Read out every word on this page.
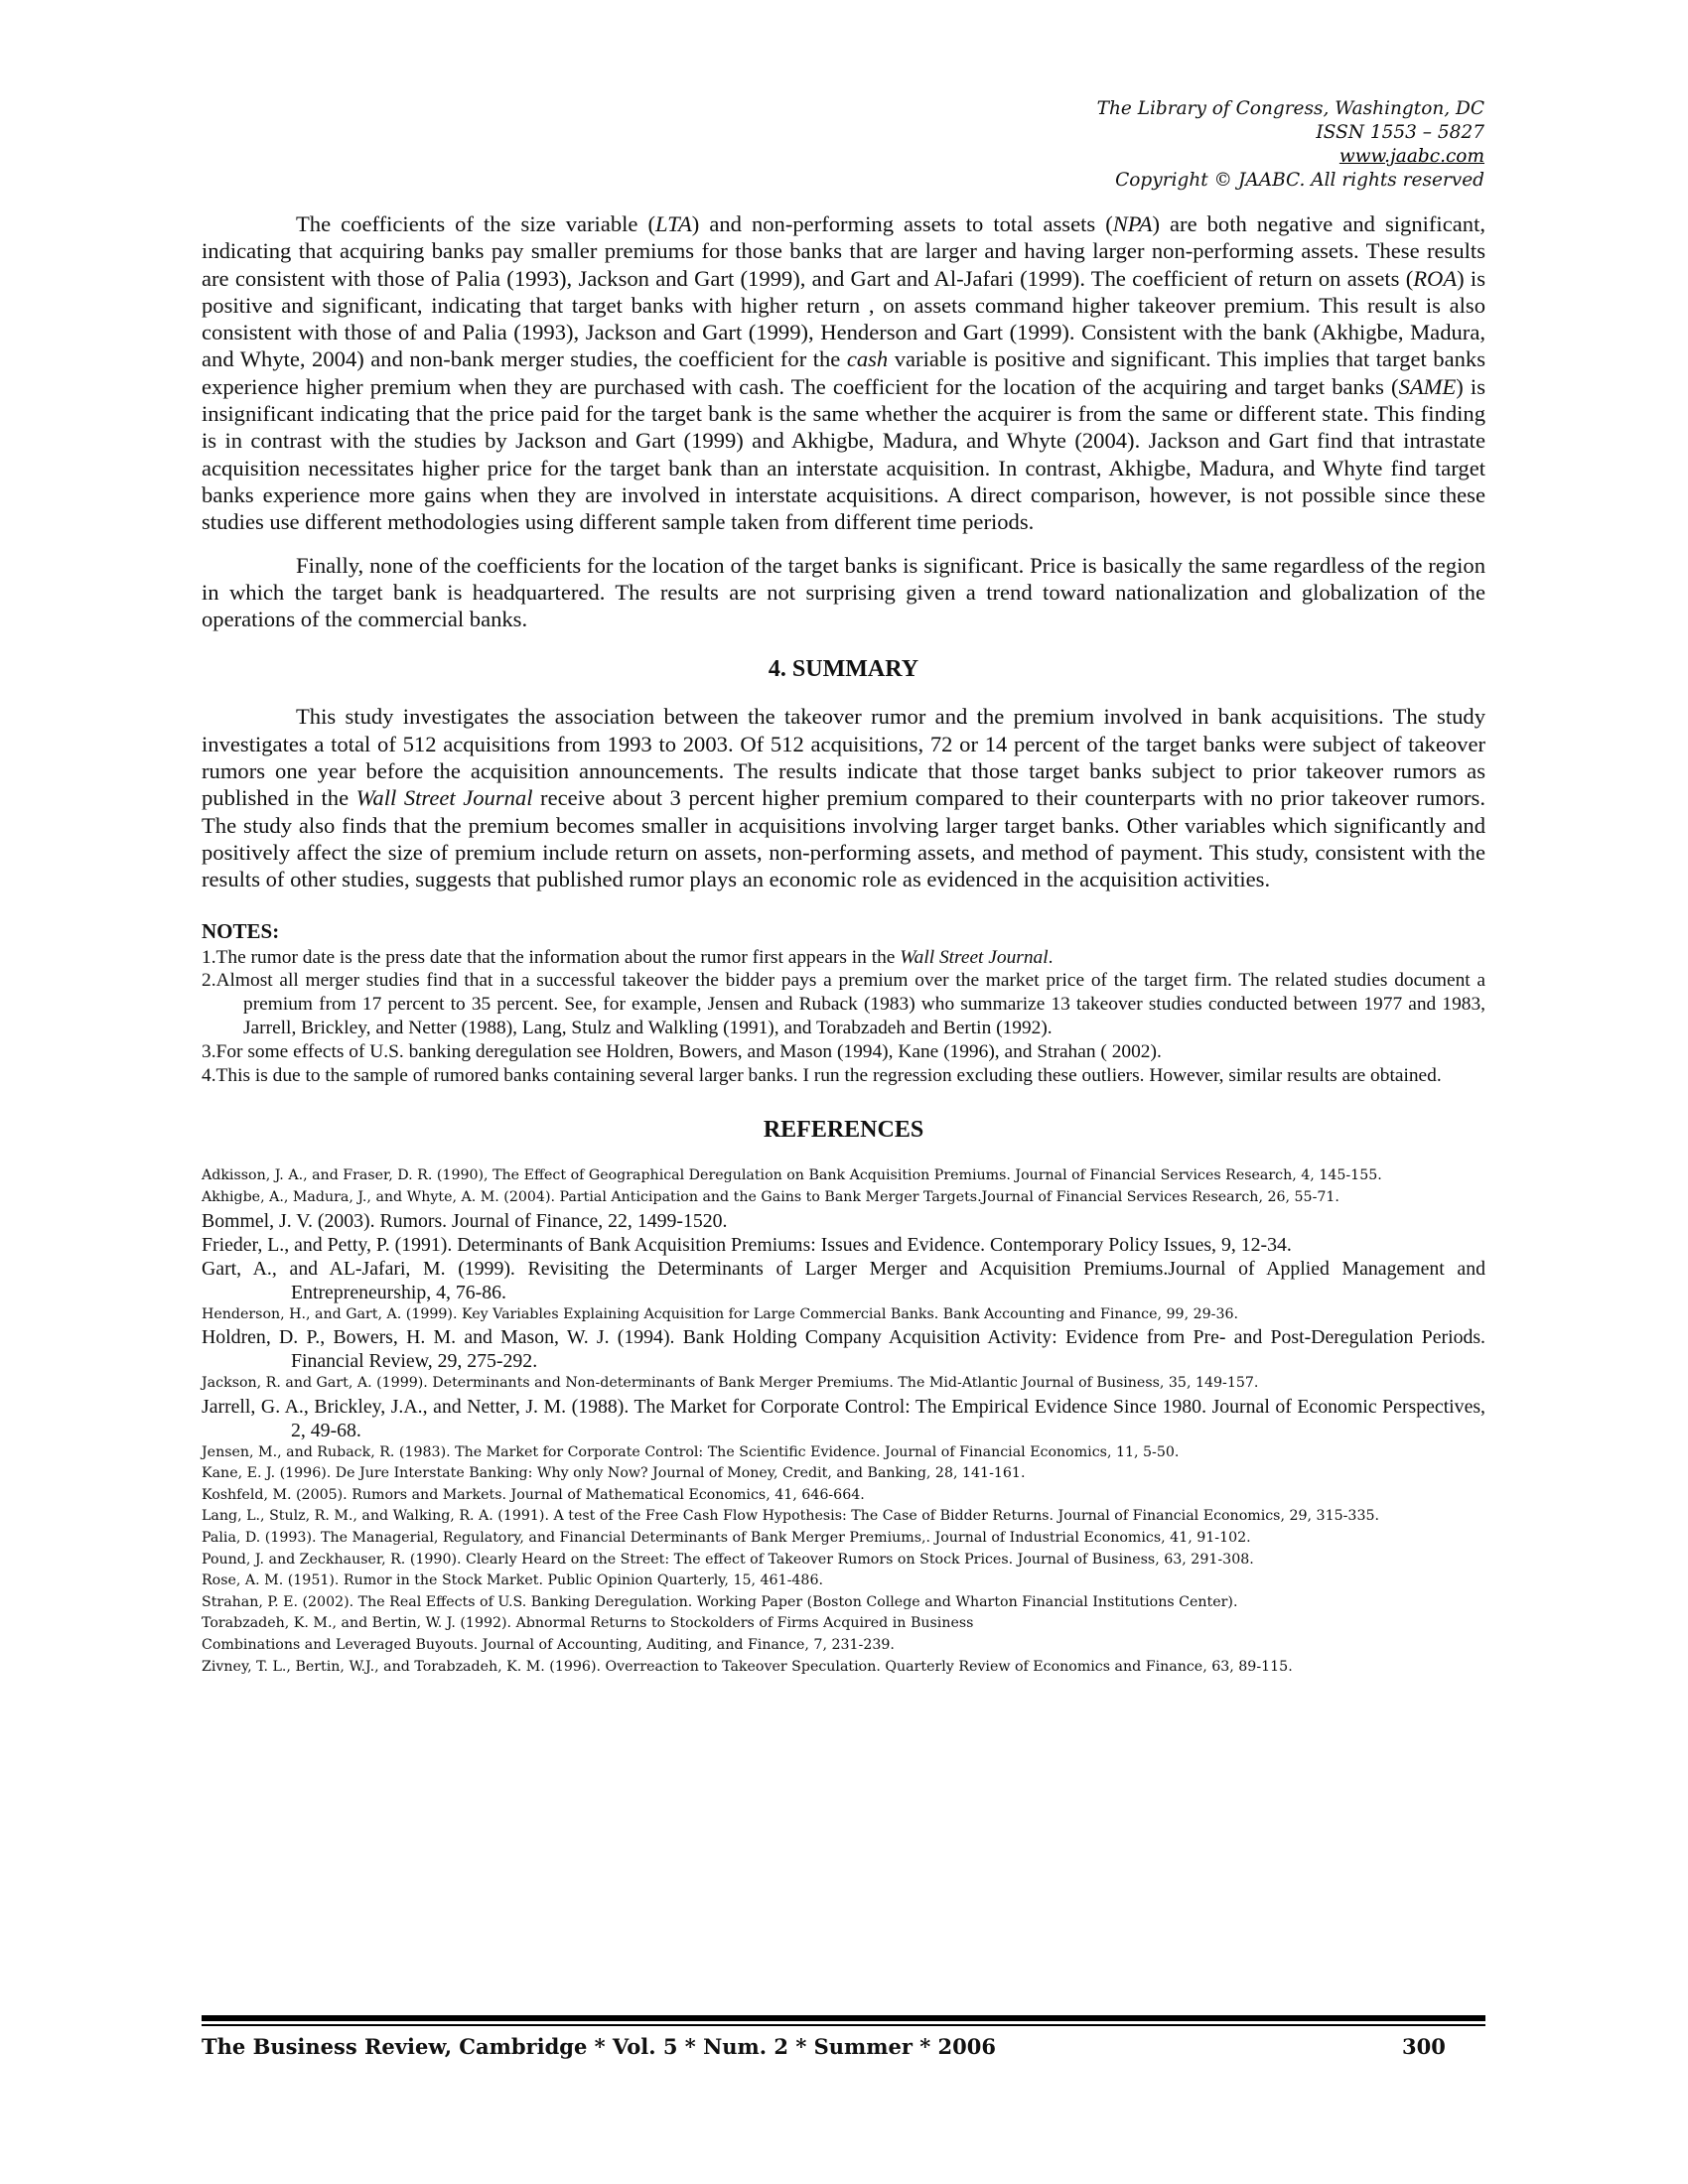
The Library of Congress, Washington, DC
ISSN 1553 – 5827
www.jaabc.com
Copyright © JAABC. All rights reserved

The coefficients of the size variable (LTA) and non-performing assets to total assets (NPA) are both negative and significant, indicating that acquiring banks pay smaller premiums for those banks that are larger and having larger non-performing assets. These results are consistent with those of Palia (1993), Jackson and Gart (1999), and Gart and Al-Jafari (1999). The coefficient of return on assets (ROA) is positive and significant, indicating that target banks with higher return , on assets command higher takeover premium. This result is also consistent with those of and Palia (1993), Jackson and Gart (1999), Henderson and Gart (1999). Consistent with the bank (Akhigbe, Madura, and Whyte, 2004) and non-bank merger studies, the coefficient for the cash variable is positive and significant. This implies that target banks experience higher premium when they are purchased with cash. The coefficient for the location of the acquiring and target banks (SAME) is insignificant indicating that the price paid for the target bank is the same whether the acquirer is from the same or different state. This finding is in contrast with the studies by Jackson and Gart (1999) and Akhigbe, Madura, and Whyte (2004). Jackson and Gart find that intrastate acquisition necessitates higher price for the target bank than an interstate acquisition. In contrast, Akhigbe, Madura, and Whyte find target banks experience more gains when they are involved in interstate acquisitions. A direct comparison, however, is not possible since these studies use different methodologies using different sample taken from different time periods.

Finally, none of the coefficients for the location of the target banks is significant. Price is basically the same regardless of the region in which the target bank is headquartered. The results are not surprising given a trend toward nationalization and globalization of the operations of the commercial banks.

4. SUMMARY

This study investigates the association between the takeover rumor and the premium involved in bank acquisitions. The study investigates a total of 512 acquisitions from 1993 to 2003. Of 512 acquisitions, 72 or 14 percent of the target banks were subject of takeover rumors one year before the acquisition announcements. The results indicate that those target banks subject to prior takeover rumors as published in the Wall Street Journal receive about 3 percent higher premium compared to their counterparts with no prior takeover rumors. The study also finds that the premium becomes smaller in acquisitions involving larger target banks. Other variables which significantly and positively affect the size of premium include return on assets, non-performing assets, and method of payment. This study, consistent with the results of other studies, suggests that published rumor plays an economic role as evidenced in the acquisition activities.

NOTES:
1.The rumor date is the press date that the information about the rumor first appears in the Wall Street Journal.
2.Almost all merger studies find that in a successful takeover the bidder pays a premium over the market price of the target firm. The related studies document a premium from 17 percent to 35 percent. See, for example, Jensen and Ruback (1983) who summarize 13 takeover studies conducted between 1977 and 1983, Jarrell, Brickley, and Netter (1988), Lang, Stulz and Walkling (1991), and Torabzadeh and Bertin (1992).
3.For some effects of U.S. banking deregulation see Holdren, Bowers, and Mason (1994), Kane (1996), and Strahan ( 2002).
4.This is due to the sample of rumored banks containing several larger banks. I run the regression excluding these outliers. However, similar results are obtained.
REFERENCES
Adkisson, J. A., and Fraser, D. R. (1990), The Effect of Geographical Deregulation on Bank Acquisition Premiums. Journal of Financial Services Research, 4, 145-155.
Akhigbe, A., Madura, J., and Whyte, A. M. (2004). Partial Anticipation and the Gains to Bank Merger Targets.Journal of Financial Services Research, 26, 55-71.
Bommel, J. V. (2003). Rumors. Journal of Finance, 22, 1499-1520.
Frieder, L., and Petty, P. (1991). Determinants of Bank Acquisition Premiums: Issues and Evidence. Contemporary Policy Issues, 9, 12-34.
Gart, A., and AL-Jafari, M. (1999). Revisiting the Determinants of Larger Merger and Acquisition Premiums.Journal of Applied Management and Entrepreneurship, 4, 76-86.
Henderson, H., and Gart, A. (1999). Key Variables Explaining Acquisition for Large Commercial Banks. Bank Accounting and Finance, 99, 29-36.
Holdren, D. P., Bowers, H. M. and Mason, W. J. (1994). Bank Holding Company Acquisition Activity: Evidence from Pre- and Post-Deregulation Periods. Financial Review, 29, 275-292.
Jackson, R. and Gart, A. (1999). Determinants and Non-determinants of Bank Merger Premiums. The Mid-Atlantic Journal of Business, 35, 149-157.
Jarrell, G. A., Brickley, J.A., and Netter, J. M. (1988). The Market for Corporate Control: The Empirical Evidence Since 1980. Journal of Economic Perspectives, 2, 49-68.
Jensen, M., and Ruback, R. (1983). The Market for Corporate Control: The Scientific Evidence. Journal of Financial Economics, 11, 5-50.
Kane, E. J. (1996). De Jure Interstate Banking: Why only Now? Journal of Money, Credit, and Banking, 28, 141-161.
Koshfeld, M. (2005). Rumors and Markets. Journal of Mathematical Economics, 41, 646-664.
Lang, L., Stulz, R. M., and Walking, R. A. (1991). A test of the Free Cash Flow Hypothesis: The Case of Bidder Returns. Journal of Financial Economics, 29, 315-335.
Palia, D. (1993). The Managerial, Regulatory, and Financial Determinants of Bank Merger Premiums,. Journal of Industrial Economics, 41, 91-102.
Pound, J. and Zeckhauser, R. (1990). Clearly Heard on the Street: The effect of Takeover Rumors on Stock Prices. Journal of Business, 63, 291-308.
Rose, A. M. (1951). Rumor in the Stock Market. Public Opinion Quarterly, 15, 461-486.
Strahan, P. E. (2002). The Real Effects of U.S. Banking Deregulation. Working Paper (Boston College and Wharton Financial Institutions Center).
Torabzadeh, K. M., and Bertin, W. J. (1992). Abnormal Returns to Stockolders of Firms Acquired in Business
Combinations and Leveraged Buyouts. Journal of Accounting, Auditing, and Finance, 7, 231-239.
Zivney, T. L., Bertin, W.J., and Torabzadeh, K. M. (1996). Overreaction to Takeover Speculation. Quarterly Review of Economics and Finance, 63, 89-115.
The Business Review, Cambridge * Vol. 5 * Num. 2 * Summer * 2006	300
